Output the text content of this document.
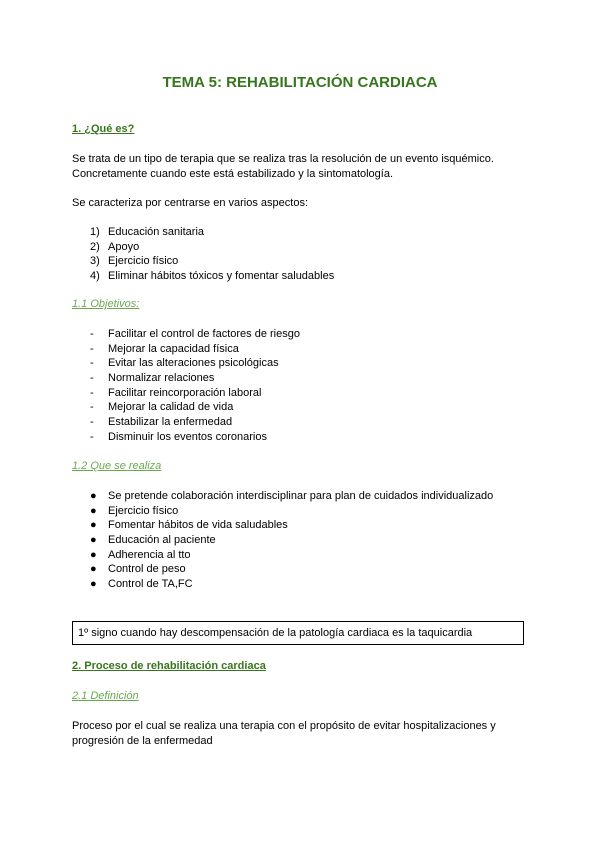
TEMA 5: REHABILITACIÓN CARDIACA
1. ¿Qué es?
Se trata de un tipo de terapia que se realiza tras la resolución de un evento isquémico.
Concretamente cuando este está estabilizado y la sintomatología.
Se caracteriza por centrarse en varios aspectos:
1) Educación sanitaria
2) Apoyo
3) Ejercicio físico
4) Eliminar hábitos tóxicos y fomentar saludables
1.1 Objetivos:
-	Facilitar el control de factores de riesgo
-	Mejorar la capacidad física
-	Evitar las alteraciones psicológicas
-	Normalizar relaciones
-	Facilitar reincorporación laboral
-	Mejorar la calidad de vida
-	Estabilizar la enfermedad
-	Disminuir los eventos coronarios
1.2 Que se realiza
●	Se pretende colaboración interdisciplinar para plan de cuidados individualizado
●	Ejercicio físico
●	Fomentar hábitos de vida saludables
●	Educación al paciente
●	Adherencia al tto
●	Control de peso
●	Control de TA,FC
1º signo cuando hay descompensación de la patología cardiaca es la taquicardia
2. Proceso de rehabilitación cardiaca
2.1 Definición
Proceso por el cual se realiza una terapia con el propósito de evitar hospitalizaciones y
progresión de la enfermedad
